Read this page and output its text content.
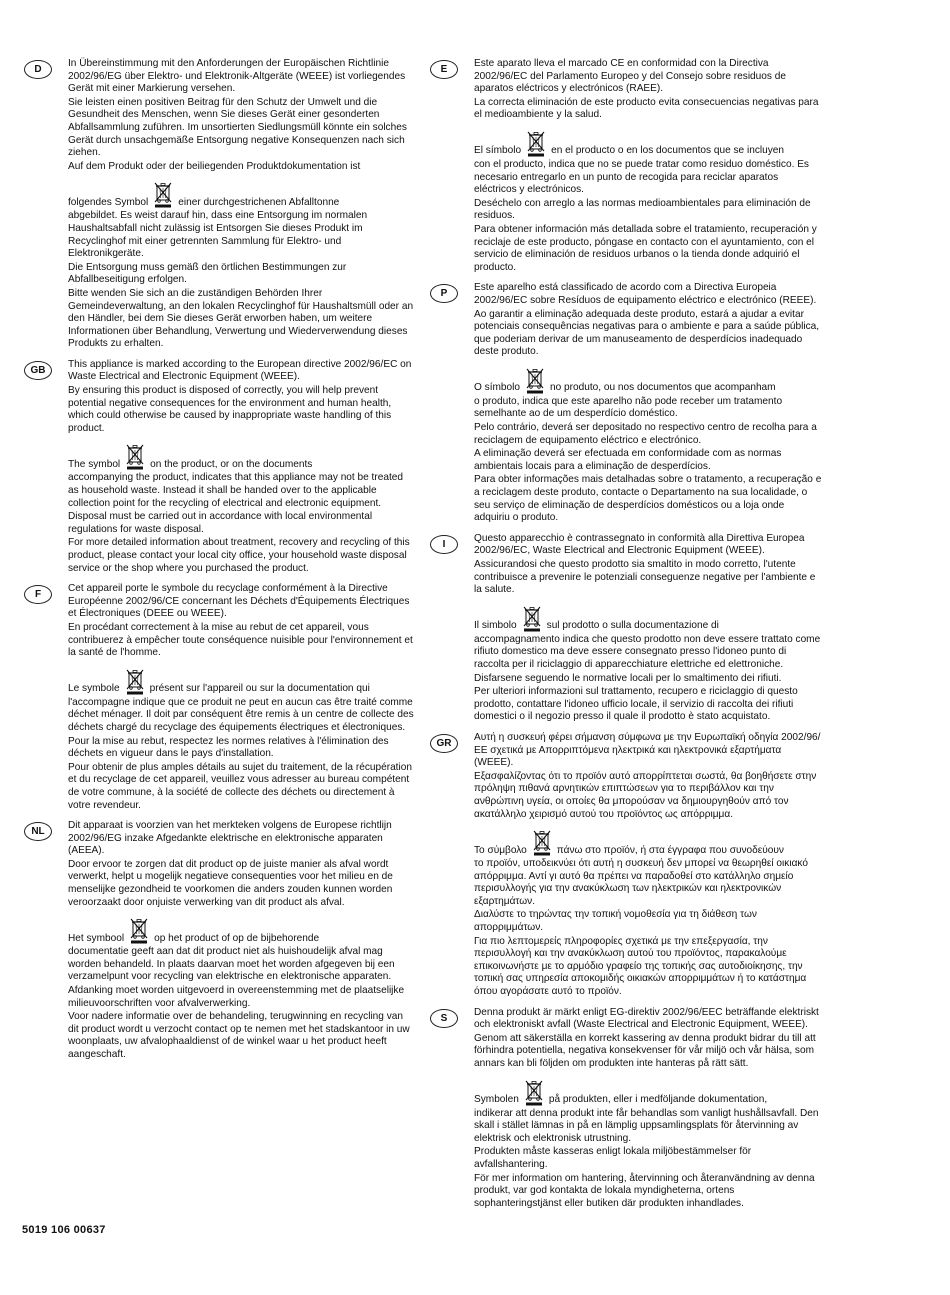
D

In Übereinstimmung mit den Anforderungen der Europäischen Richtlinie 2002/96/EG über Elektro- und Elektronik-Altgeräte (WEEE) ist vorliegendes Gerät mit einer Markierung versehen.

Sie leisten einen positiven Beitrag für den Schutz der Umwelt und die Gesundheit des Menschen, wenn Sie dieses Gerät einer gesonderten Abfallsammlung zuführen. Im unsortierten Siedlungsmüll könnte ein solches Gerät durch unsachgemäße Entsorgung negative Konsequenzen nach sich ziehen.

Auf dem Produkt oder der beiliegenden Produktdokumentation ist

folgendes Symbol	einer durchgestrichenen Abfalltonne

abgebildet. Es weist darauf hin, dass eine Entsorgung im normalen Haushaltsabfall nicht zulässig ist Entsorgen Sie dieses Produkt im Recyclinghof mit einer getrennten Sammlung für Elektro- und Elektronikgeräte.

Die Entsorgung muss gemäß den örtlichen Bestimmungen zur Abfallbeseitigung erfolgen.

Bitte wenden Sie sich an die zuständigen Behörden Ihrer Gemeindeverwaltung, an den lokalen Recyclinghof für Haushaltsmüll oder an den Händler, bei dem Sie dieses Gerät erworben haben, um weitere Informationen über Behandlung, Verwertung und Wiederverwendung dieses Produkts zu erhalten.

GB

This appliance is marked according to the European directive 2002/96/EC on Waste Electrical and Electronic Equipment (WEEE).

By ensuring this product is disposed of correctly, you will help prevent potential negative consequences for the environment and human health, which could otherwise be caused by inappropriate waste handling of this product.

The symbol	on the product, or on the documents

accompanying the product, indicates that this appliance may not be treated as household waste. Instead it shall be handed over to the applicable collection point for the recycling of electrical and electronic equipment.

Disposal must be carried out in accordance with local environmental regulations for waste disposal.

For more detailed information about treatment, recovery and recycling of this product, please contact your local city office, your household waste disposal service or the shop where you purchased the product.

F

Cet appareil porte le symbole du recyclage conformément à la Directive Européenne 2002/96/CE concernant les Déchets d'Équipements Électriques et Électroniques (DEEE ou WEEE).

En procédant correctement à la mise au rebut de cet appareil, vous contribuerez à empêcher toute conséquence nuisible pour l'environnement et la santé de l'homme.

Le symbole	présent sur l'appareil ou sur la documentation qui

l'accompagne indique que ce produit ne peut en aucun cas être traité comme déchet ménager. Il doit par conséquent être remis à un centre de collecte des déchets chargé du recyclage des équipements électriques et électroniques.

Pour la mise au rebut, respectez les normes relatives à l'élimination des déchets en vigueur dans le pays d'installation.

Pour obtenir de plus amples détails au sujet du traitement, de la récupération et du recyclage de cet appareil, veuillez vous adresser au bureau compétent de votre commune, à la société de collecte des déchets ou directement à votre revendeur.

NL

Dit apparaat is voorzien van het merkteken volgens de Europese richtlijn 2002/96/EG inzake Afgedankte elektrische en elektronische apparaten (AEEA).

Door ervoor te zorgen dat dit product op de juiste manier als afval wordt verwerkt, helpt u mogelijk negatieve consequenties voor het milieu en de menselijke gezondheid te voorkomen die anders zouden kunnen worden veroorzaakt door onjuiste verwerking van dit product als afval.

Het symbool	op het product of op de bijbehorende

documentatie geeft aan dat dit product niet als huishoudelijk afval mag worden behandeld. In plaats daarvan moet het worden afgegeven bij een verzamelpunt voor recycling van elektrische en elektronische apparaten.

Afdanking moet worden uitgevoerd in overeenstemming met de plaatselijke milieuvoorschriften voor afvalverwerking.

Voor nadere informatie over de behandeling, terugwinning en recycling van dit product wordt u verzocht contact op te nemen met het stadskantoor in uw woonplaats, uw afvalophaaldienst of de winkel waar u het product heeft aangeschaft.

E

Este aparato lleva el marcado CE en conformidad con la Directiva 2002/96/EC del Parlamento Europeo y del Consejo sobre residuos de aparatos eléctricos y electrónicos (RAEE).

La correcta eliminación de este producto evita consecuencias negativas para el medioambiente y la salud.

El símbolo	en el producto o en los documentos que se incluyen

con el producto, indica que no se puede tratar como residuo doméstico. Es necesario entregarlo en un punto de recogida para reciclar aparatos eléctricos y electrónicos.

Deséchelo con arreglo a las normas medioambientales para eliminación de residuos.

Para obtener información más detallada sobre el tratamiento, recuperación y reciclaje de este producto, póngase en contacto con el ayuntamiento, con el servicio de eliminación de residuos urbanos o la tienda donde adquirió el producto.

P

Este aparelho está classificado de acordo com a Directiva Europeia 2002/96/EC sobre Resíduos de equipamento eléctrico e electrónico (REEE).

Ao garantir a eliminação adequada deste produto, estará a ajudar a evitar potenciais consequências negativas para o ambiente e para a saúde pública, que poderiam derivar de um manuseamento de desperdícios inadequado deste produto.

O símbolo	no produto, ou nos documentos que acompanham

o produto, indica que este aparelho não pode receber um tratamento semelhante ao de um desperdício doméstico.

Pelo contrário, deverá ser depositado no respectivo centro de recolha para a reciclagem de equipamento eléctrico e electrónico.

A eliminação deverá ser efectuada em conformidade com as normas ambientais locais para a eliminação de desperdícios.

Para obter informações mais detalhadas sobre o tratamento, a recuperação e a reciclagem deste produto, contacte o Departamento na sua localidade, o seu serviço de eliminação de desperdícios domésticos ou a loja onde adquiriu o produto.

I

Questo apparecchio è contrassegnato in conformità alla Direttiva Europea 2002/96/EC, Waste Electrical and Electronic Equipment (WEEE).

Assicurandosi che questo prodotto sia smaltito in modo corretto, l'utente contribuisce a prevenire le potenziali conseguenze negative per l'ambiente e la salute.

Il simbolo	sul prodotto o sulla documentazione di

accompagnamento indica che questo prodotto non deve essere trattato come rifiuto domestico ma deve essere consegnato presso l'idoneo punto di raccolta per il riciclaggio di apparecchiature elettriche ed elettroniche.

Disfarsene seguendo le normative locali per lo smaltimento dei rifiuti.

Per ulteriori informazioni sul trattamento, recupero e riciclaggio di questo prodotto, contattare l'idoneo ufficio locale, il servizio di raccolta dei rifiuti domestici o il negozio presso il quale il prodotto è stato acquistato.

GR

Αυτή η συσκευή φέρει σήμανση σύμφωνα με την Ευρωπαϊκή οδηγία 2002/96/ΕΕ σχετικά με Απορριπτόμενα ηλεκτρικά και ηλεκτρονικά εξαρτήματα (WEEE).

Εξασφαλίζοντας ότι το προϊόν αυτό απορρίπτεται σωστά, θα βοηθήσετε στην πρόληψη πιθανά αρνητικών επιπτώσεων για το περιβάλλον και την ανθρώπινη υγεία, οι οποίες θα μπορούσαν να δημιουργηθούν από τον ακατάλληλο χειρισμό αυτού του προϊόντος ως απόρριμμα.

Το σύμβολο	πάνω στο προϊόν, ή στα έγγραφα που συνοδεύουν

το προϊόν, υποδεικνύει ότι αυτή η συσκευή δεν μπορεί να θεωρηθεί οικιακό απόρριμμα. Αντί γι αυτό θα πρέπει να παραδοθεί στο κατάλληλο σημείο περισυλλογής για την ανακύκλωση των ηλεκτρικών και ηλεκτρονικών εξαρτημάτων.

Διαλύστε το τηρώντας την τοπική νομοθεσία για τη διάθεση των απορριμμάτων.

Για πιο λεπτομερείς πληροφορίες σχετικά με την επεξεργασία, την περισυλλογή και την ανακύκλωση αυτού του προϊόντος, παρακαλούμε επικοινωνήστε με το αρμόδιο γραφείο της τοπικής σας αυτοδιοίκησης, την τοπική σας υπηρεσία αποκομιδής οικιακών απορριμμάτων ή το κατάστημα όπου αγοράσατε αυτό το προϊόν.

S

Denna produkt är märkt enligt EG-direktiv 2002/96/EEC beträffande elektriskt och elektroniskt avfall (Waste Electrical and Electronic Equipment, WEEE).

Genom att säkerställa en korrekt kassering av denna produkt bidrar du till att förhindra potentiella, negativa konsekvenser för vår miljö och vår hälsa, som annars kan bli följden om produkten inte hanteras på rätt sätt.

Symbolen	på produkten, eller i medföljande dokumentation,

indikerar att denna produkt inte får behandlas som vanligt hushållsavfall. Den skall i stället lämnas in på en lämplig uppsamlingsplats för återvinning av elektrisk och elektronisk utrustning.

Produkten måste kasseras enligt lokala miljöbestämmelser för avfallshantering.

För mer information om hantering, återvinning och återanvändning av denna produkt, var god kontakta de lokala myndigheterna, ortens sophanteringstjänst eller butiken där produkten inhandlades.

5019 106 00637
